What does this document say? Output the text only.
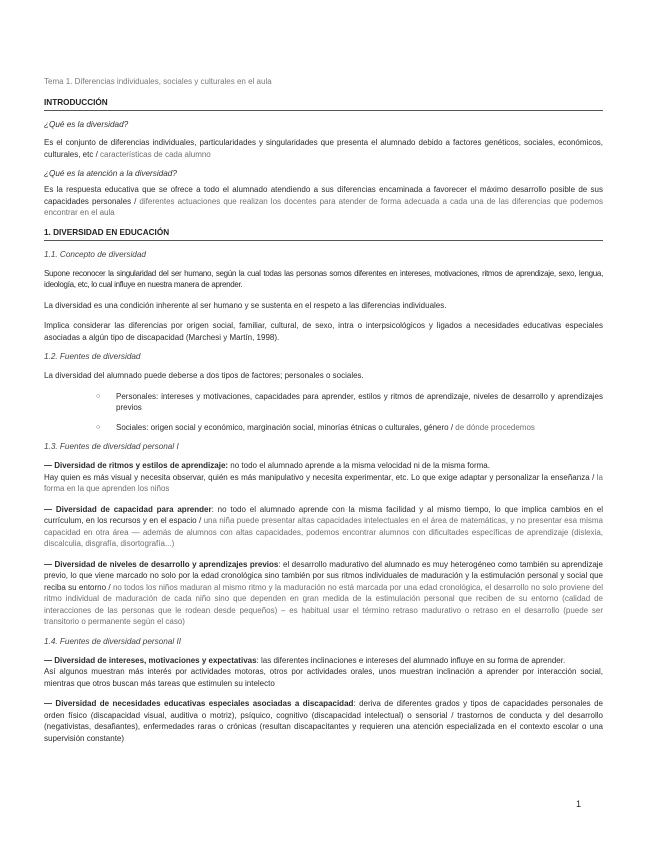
Tema 1. Diferencias individuales, sociales y culturales en el aula
INTRODUCCIÓN
¿Qué es la diversidad?

Es el conjunto de diferencias individuales, particularidades y singularidades que presenta el alumnado debido a factores genéticos, sociales, económicos, culturales, etc / características de cada alumno

¿Qué es la atención a la diversidad?

Es la respuesta educativa que se ofrece a todo el alumnado atendiendo a sus diferencias encaminada a favorecer el máximo desarrollo posible de sus capacidades personales / diferentes actuaciones que realizan los docentes para atender de forma adecuada a cada una de las diferencias que podemos encontrar en el aula

1. DIVERSIDAD EN EDUCACIÓN
1.1. Concepto de diversidad

Supone reconocer la singularidad del ser humano, según la cual todas las personas somos diferentes en intereses, motivaciones, ritmos de aprendizaje, sexo, lengua, ideología, etc, lo cual influye en nuestra manera de aprender.

La diversidad es una condición inherente al ser humano y se sustenta en el respeto a las diferencias individuales.

Implica considerar las diferencias por origen social, familiar, cultural, de sexo, intra o interpsicológicos y ligados a necesidades educativas especiales asociadas a algún tipo de discapacidad (Marchesi y Martín, 1998).

1.2. Fuentes de diversidad

La diversidad del alumnado puede deberse a dos tipos de factores; personales o sociales.

○ Personales: intereses y motivaciones, capacidades para aprender, estilos y ritmos de aprendizaje, niveles de desarrollo y aprendizajes previos
○ Sociales: origen social y económico, marginación social, minorías étnicas o culturales, género / de dónde procedemos
1.3. Fuentes de diversidad personal I

— Diversidad de ritmos y estilos de aprendizaje: no todo el alumnado aprende a la misma velocidad ni de la misma forma.
Hay quien es más visual y necesita observar, quién es más manipulativo y necesita experimentar, etc. Lo que exige adaptar y personalizar la enseñanza / la forma en la que aprenden los niños

— Diversidad de capacidad para aprender: no todo el alumnado aprende con la misma facilidad y al mismo tiempo, lo que implica cambios en el currículum, en los recursos y en el espacio / una niña puede presentar altas capacidades intelectuales en el área de matemáticas, y no presentar esa misma capacidad en otra área — además de alumnos con altas capacidades, podemos encontrar alumnos con dificultades específicas de aprendizaje (dislexia, discalculia, disgrafía, disortografía...)

— Diversidad de niveles de desarrollo y aprendizajes previos: el desarrollo madurativo del alumnado es muy heterogéneo como también su aprendizaje previo, lo que viene marcado no solo por la edad cronológica sino también por sus ritmos individuales de maduración y la estimulación personal y social que reciba su entorno / no todos los niños maduran al mismo ritmo y la maduración no está marcada por una edad cronológica, el desarrollo no solo proviene del ritmo individual de maduración de cada niño sino que dependen en gran medida de la estimulación personal que reciben de su entorno (calidad de interacciones de las personas que le rodean desde pequeños) – es habitual usar el término retraso madurativo o retraso en el desarrollo (puede ser transitorio o permanente según el caso)

1.4. Fuentes de diversidad personal II

— Diversidad de intereses, motivaciones y expectativas: las diferentes inclinaciones e intereses del alumnado influye en su forma de aprender.
Así algunos muestran más interés por actividades motoras, otros por actividades orales, unos muestran inclinación a aprender por interacción social, mientras que otros buscan más tareas que estimulen su intelecto

— Diversidad de necesidades educativas especiales asociadas a discapacidad: deriva de diferentes grados y tipos de capacidades personales de orden físico (discapacidad visual, auditiva o motriz), psíquico, cognitivo (discapacidad intelectual) o sensorial / trastornos de conducta y del desarrollo (negativistas, desafiantes), enfermedades raras o crónicas (resultan discapacitantes y requieren una atención especializada en el contexto escolar o una supervisión constante)

1
